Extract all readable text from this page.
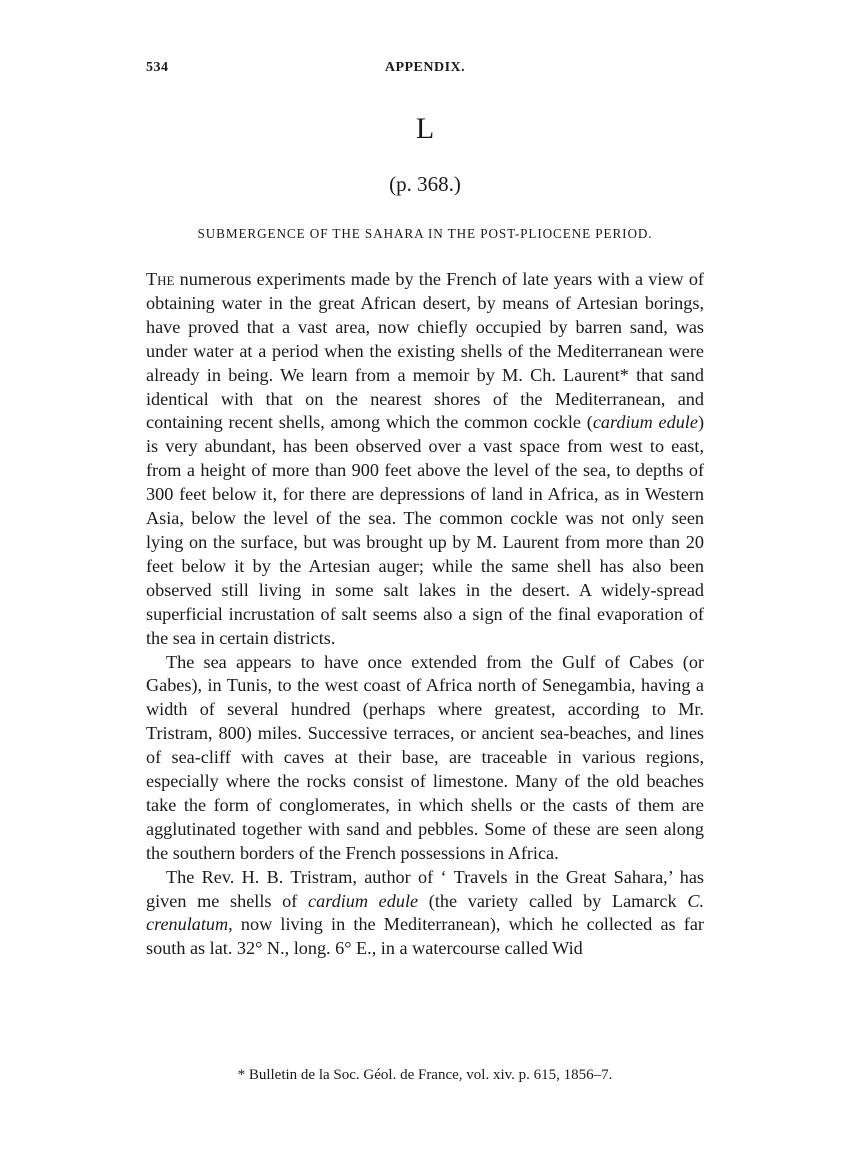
534	APPENDIX.
L
(p. 368.)
SUBMERGENCE OF THE SAHARA IN THE POST-PLIOCENE PERIOD.

The numerous experiments made by the French of late years with a view of obtaining water in the great African desert, by means of Artesian borings, have proved that a vast area, now chiefly occupied by barren sand, was under water at a period when the existing shells of the Mediterranean were already in being. We learn from a memoir by M. Ch. Laurent* that sand identical with that on the nearest shores of the Mediterranean, and containing recent shells, among which the common cockle (cardium edule) is very abundant, has been observed over a vast space from west to east, from a height of more than 900 feet above the level of the sea, to depths of 300 feet below it, for there are depressions of land in Africa, as in Western Asia, below the level of the sea. The common cockle was not only seen lying on the surface, but was brought up by M. Laurent from more than 20 feet below it by the Artesian auger; while the same shell has also been observed still living in some salt lakes in the desert. A widely-spread superficial incrustation of salt seems also a sign of the final evaporation of the sea in certain districts.

The sea appears to have once extended from the Gulf of Cabes (or Gabes), in Tunis, to the west coast of Africa north of Senegambia, having a width of several hundred (perhaps where greatest, according to Mr. Tristram, 800) miles. Successive terraces, or ancient sea-beaches, and lines of sea-cliff with caves at their base, are traceable in various regions, especially where the rocks consist of limestone. Many of the old beaches take the form of conglomerates, in which shells or the casts of them are agglutinated together with sand and pebbles. Some of these are seen along the southern borders of the French possessions in Africa.

The Rev. H. B. Tristram, author of ‘ Travels in the Great Sahara,’ has given me shells of cardium edule (the variety called by Lamarck C. crenulatum, now living in the Mediterranean), which he collected as far south as lat. 32° N., long. 6° E., in a watercourse called Wid

* Bulletin de la Soc. Géol. de France, vol. xiv. p. 615, 1856–7.
